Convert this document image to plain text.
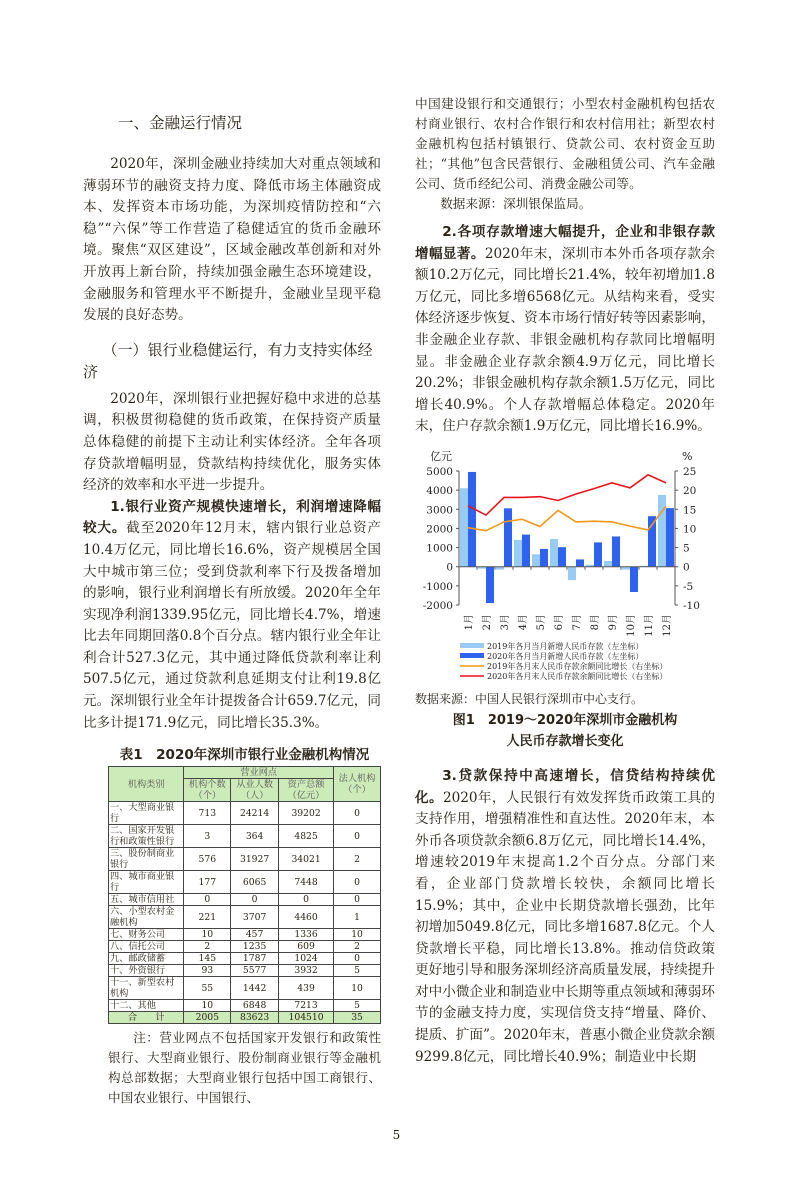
一、金融运行情况

2020年，深圳金融业持续加大对重点领域和薄弱环节的融资支持力度、降低市场主体融资成本、发挥资本市场功能，为深圳疫情防控和“六稳”“六保”等工作营造了稳健适宜的货币金融环境。聚焦“双区建设”，区域金融改革创新和对外开放再上新台阶，持续加强金融生态环境建设，金融服务和管理水平不断提升，金融业呈现平稳发展的良好态势。

（一）银行业稳健运行，有力支持实体经济

2020年，深圳银行业把握好稳中求进的总基调，积极贯彻稳健的货币政策，在保持资产质量总体稳健的前提下主动让利实体经济。全年各项存贷款增幅明显，贷款结构持续优化，服务实体经济的效率和水平进一步提升。

1.银行业资产规模快速增长，利润增速降幅较大。截至2020年12月末，辖内银行业总资产10.4万亿元，同比增长16.6%，资产规模居全国大中城市第三位；受到贷款利率下行及拨备增加的影响，银行业利润增长有所放缓。2020年全年实现净利润1339.95亿元，同比增长4.7%，增速比去年同期回落0.8个百分点。辖内银行业全年让利合计527.3亿元，其中通过降低贷款利率让利507.5亿元，通过贷款利息延期支付让利19.8亿元。深圳银行业全年计提拨备合计659.7亿元，同比多计提171.9亿元，同比增长35.3%。

表1　2020年深圳市银行业金融机构情况
机构类别	营业网点			法人机构（个）
	机构个数（个）	从业人数（人）	资产总额（亿元）	
一、大型商业银行	713	24214	39202	0
二、国家开发银行和政策性银行	3	364	4825	0
三、股份制商业银行	576	31927	34021	2
四、城市商业银行	177	6065	7448	0
五、城市信用社	0	0	0	0
六、小型农村金融机构	221	3707	4460	1
七、财务公司	10	457	1336	10
八、信托公司	2	1235	609	2
九、邮政储蓄	145	1787	1024	0
十、外资银行	93	5577	3932	5
十一、新型农村机构	55	1442	439	10
十二、其他	10	6848	7213	5
合　　计	2005	83623	104510	35
注：营业网点不包括国家开发银行和政策性银行、大型商业银行、股份制商业银行等金融机构总部数据；大型商业银行包括中国工商银行、中国农业银行、中国银行、

中国建设银行和交通银行；小型农村金融机构包括农村商业银行、农村合作银行和农村信用社；新型农村金融机构包括村镇银行、贷款公司、农村资金互助社；“其他”包含民营银行、金融租赁公司、汽车金融公司、货币经纪公司、消费金融公司等。

数据来源：深圳银保监局。

2.各项存款增速大幅提升，企业和非银存款增幅显著。2020年末，深圳市本外币各项存款余额10.2万亿元，同比增长21.4%，较年初增加1.8万亿元，同比多增6568亿元。从结构来看，受实体经济逐步恢复、资本市场行情好转等因素影响，非金融企业存款、非银金融机构存款同比增幅明显。非金融企业存款余额4.9万亿元，同比增长20.2%；非银金融机构存款余额1.5万亿元，同比增长40.9%。个人存款增幅总体稳定。2020年末，住户存款余额1.9万亿元，同比增长16.9%。

5000
4000
3000
2000
1000
0
-1000
-2000
25
20
15
10
5
0
-5
-10
亿元	%
1月 2月 3月 4月 5月 6月 7月 8月 9月 10月 11月 12月
2019年各月当月新增人民币存款（左坐标）
2020年各月当月新增人民币存款（左坐标）
2019年各月末人民币存款余额同比增长（右坐标）
2020年各月末人民币存款余额同比增长（右坐标）

数据来源：中国人民银行深圳市中心支行。

图1　2019～2020年深圳市金融机构
人民币存款增长变化

3.贷款保持中高速增长，信贷结构持续优化。2020年，人民银行有效发挥货币政策工具的支持作用，增强精准性和直达性。2020年末，本外币各项贷款余额6.8万亿元，同比增长14.4%，增速较2019年末提高1.2个百分点。分部门来看，企业部门贷款增长较快，余额同比增长15.9%；其中，企业中长期贷款增长强劲，比年初增加5049.8亿元，同比多增1687.8亿元。个人贷款增长平稳，同比增长13.8%。推动信贷政策更好地引导和服务深圳经济高质量发展，持续提升对中小微企业和制造业中长期等重点领域和薄弱环节的金融支持力度，实现信贷支持“增量、降价、提质、扩面”。2020年末，普惠小微企业贷款余额9299.8亿元，同比增长40.9%；制造业中长期

5
